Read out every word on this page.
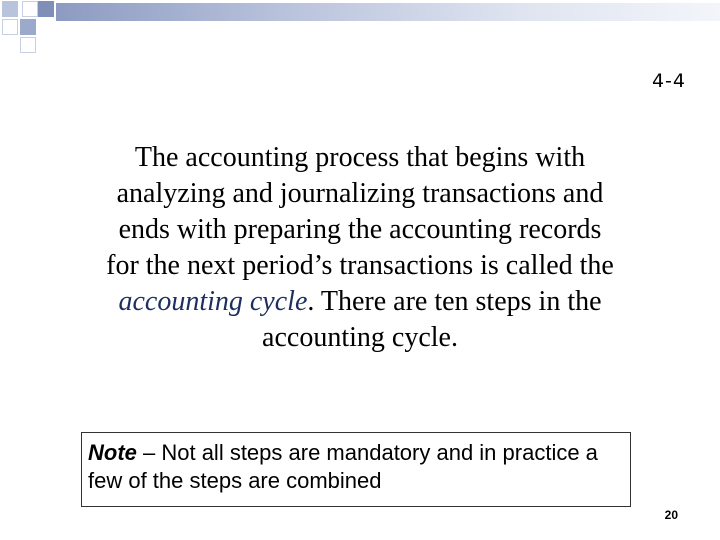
4-4
The accounting process that begins with analyzing and journalizing transactions and ends with preparing the accounting records for the next period’s transactions is called the accounting cycle. There are ten steps in the accounting cycle.
Note – Not all steps are mandatory and in practice a few of the steps are combined
20
